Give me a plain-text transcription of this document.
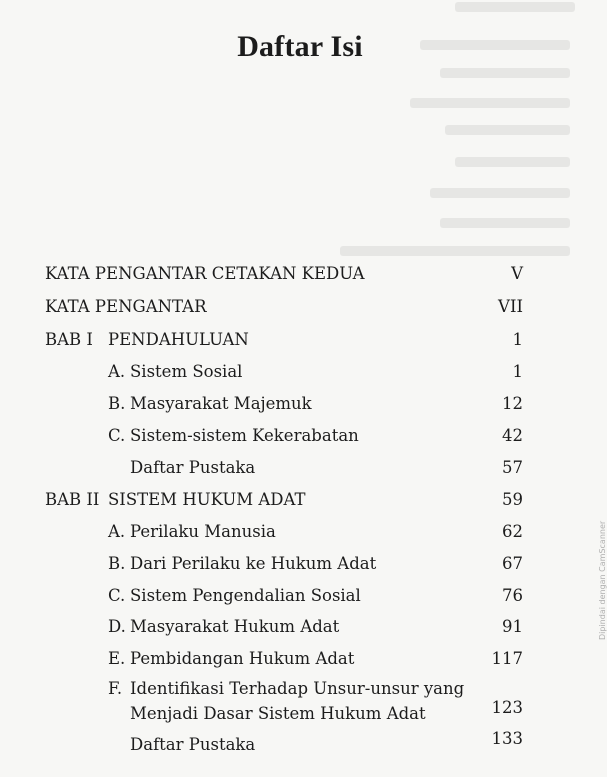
Daftar Isi
KATA PENGANTAR CETAKAN KEDUA	V
KATA PENGANTAR	VII
BAB I PENDAHULUAN	1
A. Sistem Sosial	1
B. Masyarakat Majemuk	12
C. Sistem-sistem Kekerabatan	42
Daftar Pustaka	57
BAB II SISTEM HUKUM ADAT	59
A. Perilaku Manusia	62
B. Dari Perilaku ke Hukum Adat	67
C. Sistem Pengendalian Sosial	76
D. Masyarakat Hukum Adat	91
E. Pembidangan Hukum Adat	117
F. Identifikasi Terhadap Unsur-unsur yang
Menjadi Dasar Sistem Hukum Adat	123
Daftar Pustaka	133
Dipindai dengan CamScanner
